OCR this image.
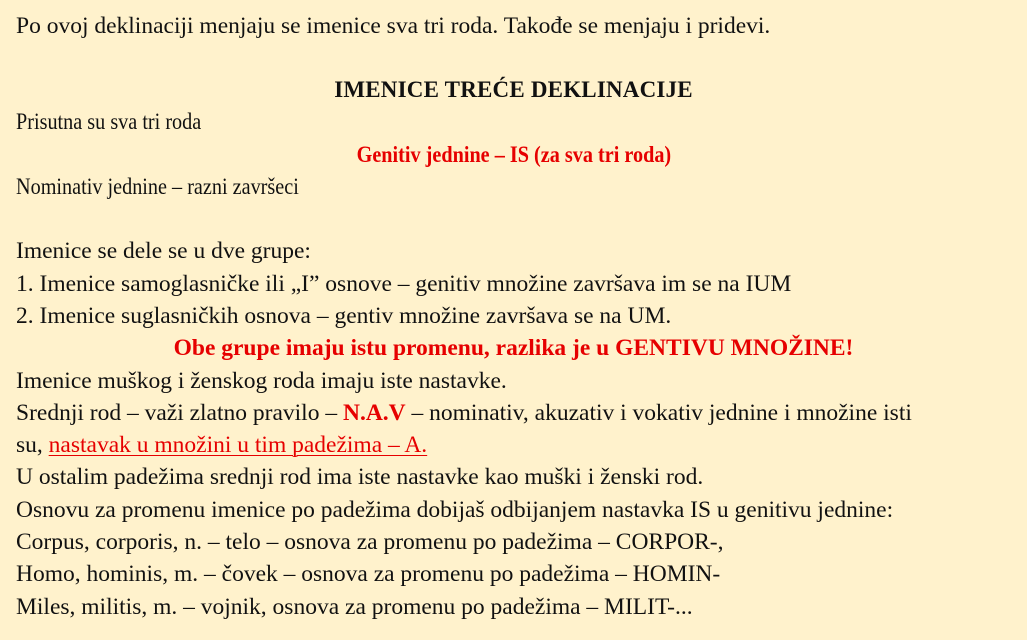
Po ovoj deklinaciji menjaju se imenice sva tri roda. Takođe se menjaju i pridevi.
IMENICE TREĆE DEKLINACIJE
Prisutna su sva tri roda
Genitiv jednine – IS (za sva tri roda)
Nominativ jednine – razni završeci
Imenice se dele se u dve grupe:
1. Imenice samoglasničke ili „I” osnove – genitiv množine završava im se na IUM
2. Imenice suglasničkih osnova – gentiv množine završava se na UM.
Obe grupe imaju istu promenu, razlika je u GENTIVU MNOŽINE!
Imenice muškog i ženskog roda imaju iste nastavke.
Srednji rod – važi zlatno pravilo – N.A.V – nominativ, akuzativ i vokativ jednine i množine isti
su, nastavak u množini u tim padežima – A.
U ostalim padežima srednji rod ima iste nastavke kao muški i ženski rod.
Osnovu za promenu imenice po padežima dobijaš odbijanjem nastavka IS u genitivu jednine:
Corpus, corporis, n. – telo – osnova za promenu po padežima – CORPOR-,
Homo, hominis, m. – čovek – osnova za promenu po padežima – HOMIN-
Miles, militis, m. – vojnik, osnova za promenu po padežima – MILIT-...
